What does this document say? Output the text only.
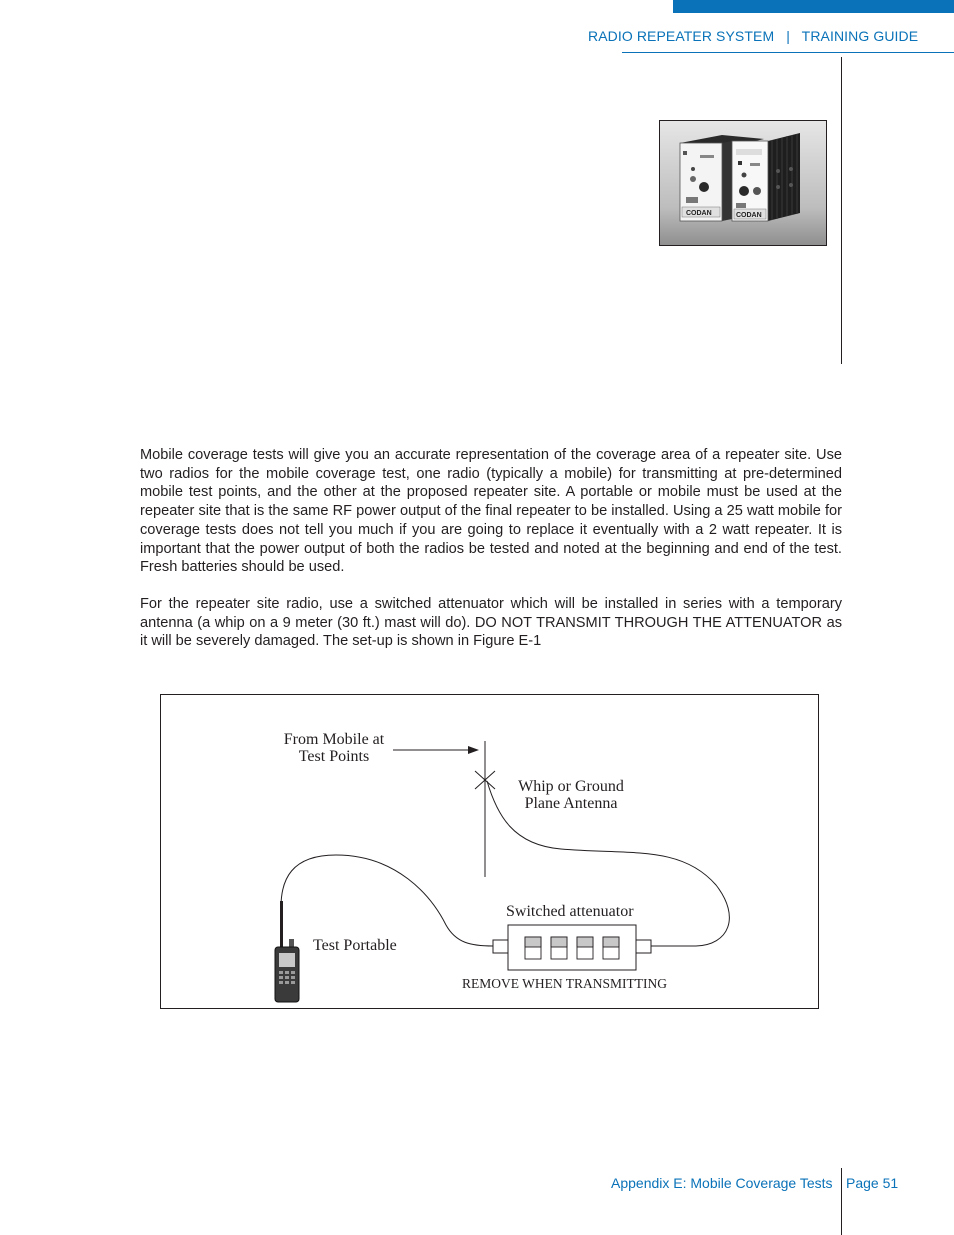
RADIO REPEATER SYSTEM | TRAINING GUIDE
CODAN	CODAN

Mobile coverage tests will give you an accurate representation of the coverage area of a repeater site. Use two radios for the mobile coverage test, one radio (typically a mobile) for transmitting at pre-determined mobile test points, and the other at the proposed repeater site. A portable or mobile must be used at the repeater site that is the same RF power output of the final repeater to be installed. Using a 25 watt mobile for coverage tests does not tell you much if you are going to replace it eventually with a 2 watt repeater. It is important that the power output of both the radios be tested and noted at the beginning and end of the test. Fresh batteries should be used.

For the repeater site radio, use a switched attenuator which will be installed in series with a temporary antenna (a whip on a 9 meter (30 ft.) mast will do). DO NOT TRANSMIT THROUGH THE ATTENUATOR as it will be severely damaged. The set-up is shown in Figure E-1

From Mobile at
Test Points
Whip or Ground
Plane Antenna
Switched attenuator
Test Portable
REMOVE WHEN TRANSMITTING
Appendix E: Mobile Coverage Tests Page 51
